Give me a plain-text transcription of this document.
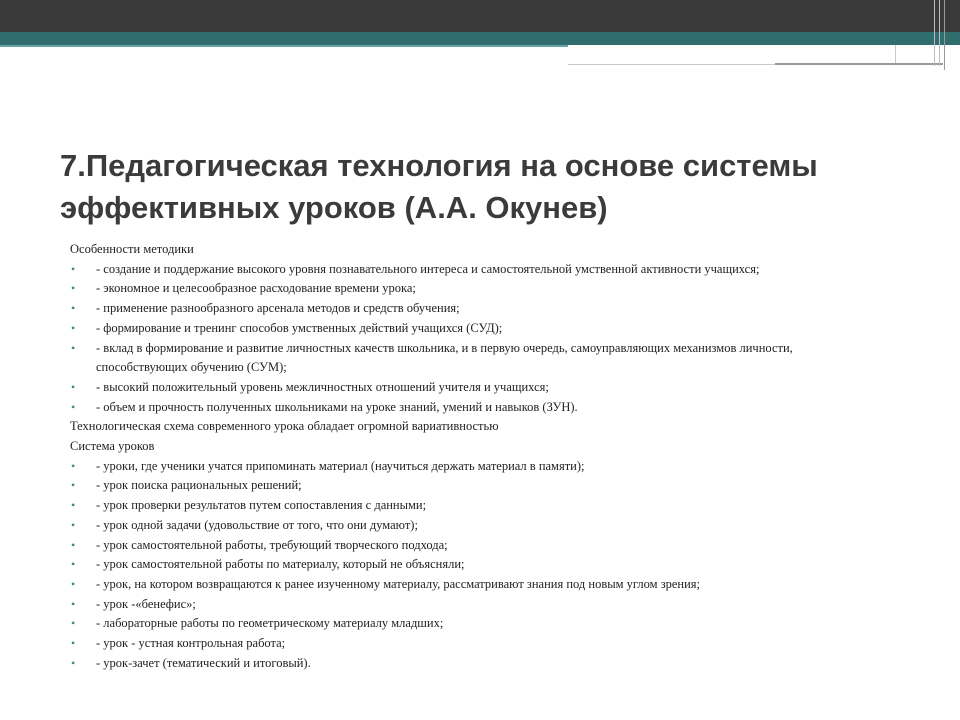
7.Педагогическая технология на основе системы эффективных уроков (А.А. Окунев)
Особенности методики
• - создание и поддержание высокого уровня познавательного интереса и самостоятельной умственной активности учащихся;
• - экономное и целесообразное расходование времени урока;
• - применение разнообразного арсенала методов и средств обучения;
• - формирование и тренинг способов умственных действий учащихся (СУД);
• - вклад в формирование и развитие личностных качеств школьника, и в первую очередь, самоуправляющих механизмов личности, способствующих обучению (СУМ);
• - высокий положительный уровень межличностных отношений учителя и учащихся;
• - объем и прочность полученных школьниками на уроке знаний, умений и навыков (ЗУН).
Технологическая схема современного урока обладает огромной вариативностью
Система уроков
• - уроки, где ученики учатся припоминать материал (научиться держать материал в памяти);
• - урок поиска рациональных решений;
• - урок проверки результатов путем сопоставления с данными;
• - урок одной задачи (удовольствие от того, что они думают);
• - урок самостоятельной работы, требующий творческого подхода;
• - урок самостоятельной работы по материалу, который не объясняли;
• - урок, на котором возвращаются к ранее изученному материалу, рассматривают знания под новым углом зрения;
• - урок -«бенефис»;
• - лабораторные работы по геометрическому материалу младших;
• - урок - устная контрольная работа;
• - урок-зачет (тематический и итоговый).
